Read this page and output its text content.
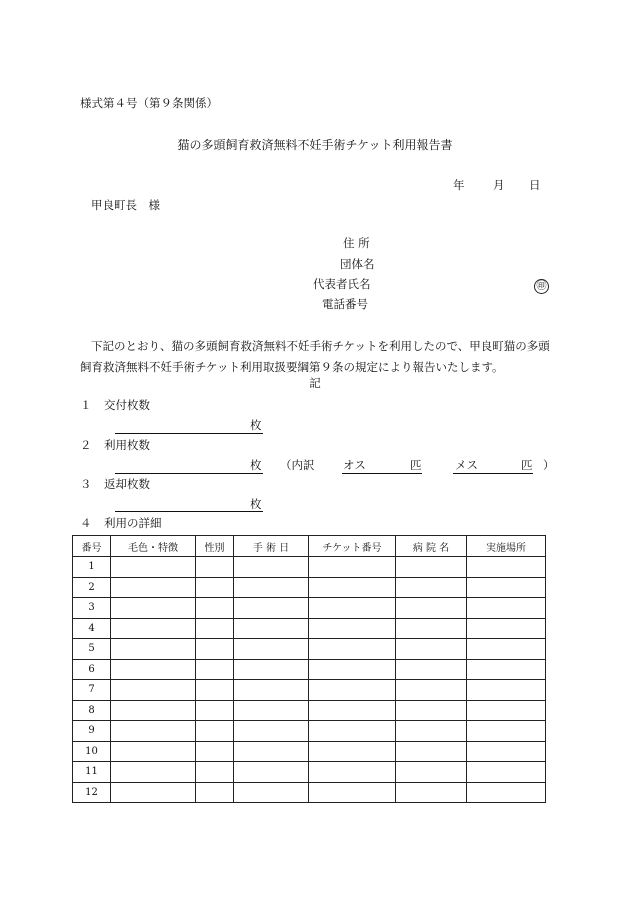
様式第４号（第９条関係）
猫の多頭飼育救済無料不妊手術チケット利用報告書
年 月 日
甲良町長　様
住 所
団体名
代表者氏名	㊞
電話番号
下記のとおり、猫の多頭飼育救済無料不妊手術チケットを利用したので、甲良町猫の多頭飼育救済無料不妊手術チケット利用取扱要綱第９条の規定により報告いたします。
記
１ 交付枚数
枚
２ 利用枚数
枚 （内訳 オス	匹	メス	匹 ）
３ 返却枚数
枚
４ 利用の詳細
番号	毛色・特徴	性別	手 術 日	チケット番号	病 院 名	実施場所
1						
2						
3						
4						
5						
6						
7						
8						
9						
10						
11						
12						
